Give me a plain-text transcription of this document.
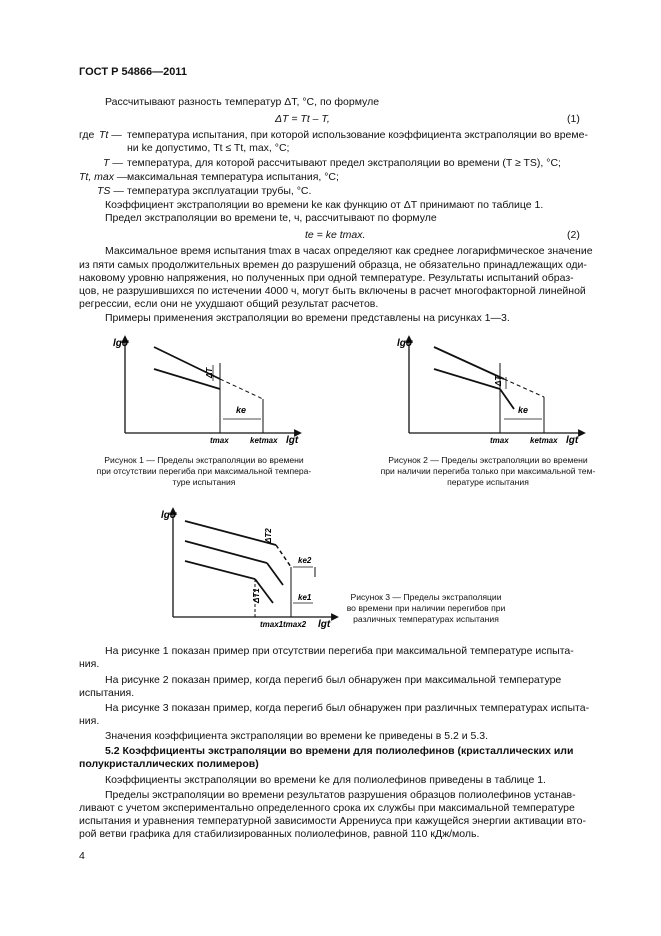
ГОСТ Р 54866—2011
Рассчитывают разность температур ΔT, °С, по формуле
ΔT = Tt – T,	(1)
где Tt — температура испытания, при которой использование коэффициента экстраполяции во време-
ни ke допустимо, Tt ≤ Tt, max, °С;
T — температура, для которой рассчитывают предел экстраполяции во времени (T ≥ TS), °С;
Tt, max — максимальная температура испытания, °С;
TS — температура эксплуатации трубы, °С.
Коэффициент экстраполяции во времени ke как функцию от ΔT принимают по таблице 1.
Предел экстраполяции во времени te, ч, рассчитывают по формуле
te = ke tmax.	(2)
Максимальное время испытания tmax в часах определяют как среднее логарифмическое значение
из пяти самых продолжительных времен до разрушений образца, не обязательно принадлежащих оди-
наковому уровню напряжения, но полученных при одной температуре. Результаты испытаний образ-
цов, не разрушившихся по истечении 4000 ч, могут быть включены в расчет многофакторной линейной
регрессии, если они не ухудшают общий результат расчетов.
Примеры применения экстраполяции во времени представлены на рисунках 1—3.
lgσ
ΔT
ke
tmax	ketmax lgt
Рисунок 1 — Пределы экстраполяции во времени
при отсутствии перегиба при максимальной темпера-
туре испытания
lgσ
ΔT
ke
tmax	ketmax lgt
Рисунок 2 — Пределы экстраполяции во времени
при наличии перегиба только при максимальной тем-
пературе испытания
lgσ
ΔT2
ΔT1
ke2
ke1
tmax1 tmax2 lgt
Рисунок 3 — Пределы экстраполяции
во времени при наличии перегибов при
различных температурах испытания
На рисунке 1 показан пример при отсутствии перегиба при максимальной температуре испыта-
ния.
На рисунке 2 показан пример, когда перегиб был обнаружен при максимальной температуре
испытания.
На рисунке 3 показан пример, когда перегиб был обнаружен при различных температурах испыта-
ния.
Значения коэффициента экстраполяции во времени ke приведены в 5.2 и 5.3.
5.2 Коэффициенты экстраполяции во времени для полиолефинов (кристаллических или
полукристаллических полимеров)
Коэффициенты экстраполяции во времени ke для полиолефинов приведены в таблице 1.
Пределы экстраполяции во времени результатов разрушения образцов полиолефинов устанав-
ливают с учетом экспериментально определенного срока их службы при максимальной температуре
испытания и уравнения температурной зависимости Аррениуса при кажущейся энергии активации вто-
рой ветви графика для стабилизированных полиолефинов, равной 110 кДж/моль.
4
